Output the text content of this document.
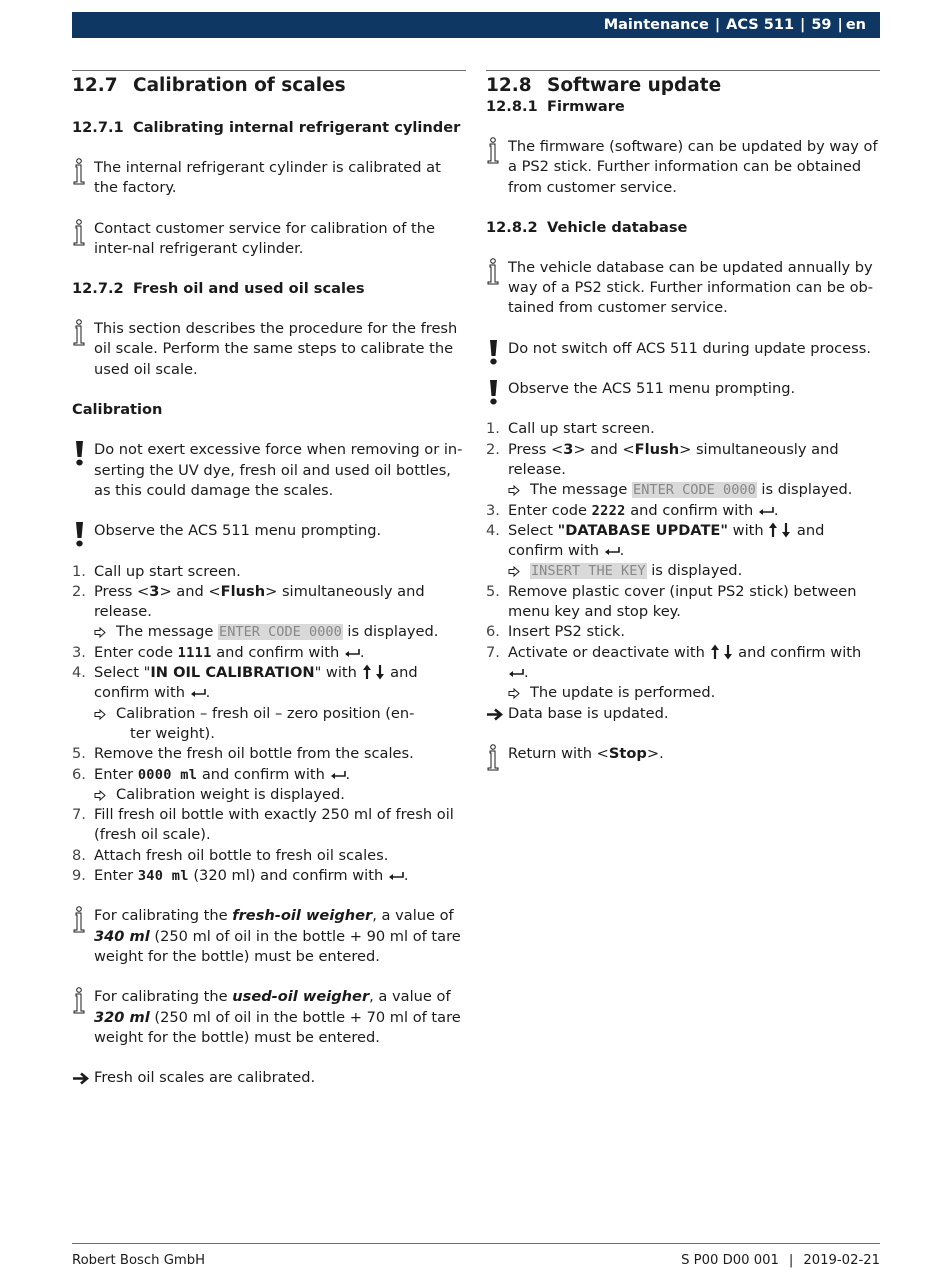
Maintenance | ACS 511 | 59 | en
12.7 Calibration of scales
12.7.1 Calibrating internal refrigerant cylinder
The internal refrigerant cylinder is calibrated at the factory.
Contact customer service for calibration of the inter-nal refrigerant cylinder.
12.7.2 Fresh oil and used oil scales
This section describes the procedure for the fresh oil scale. Perform the same steps to calibrate the used oil scale.
Calibration
Do not exert excessive force when removing or in-serting the UV dye, fresh oil and used oil bottles, as this could damage the scales.
Observe the ACS 511 menu prompting.
1. Call up start screen.
2. Press <3> and <Flush> simultaneously and release.
The message ENTER CODE 0000 is displayed.
3. Enter code 1111 and confirm with .
4. Select "IN OIL CALIBRATION" with  and confirm with .
Calibration – fresh oil – zero position (en-
ter weight).
5. Remove the fresh oil bottle from the scales.
6. Enter 0000 ml and confirm with .
Calibration weight is displayed.
7. Fill fresh oil bottle with exactly 250 ml of fresh oil (fresh oil scale).
8. Attach fresh oil bottle to fresh oil scales.
9. Enter 340 ml (320 ml) and confirm with .
For calibrating the fresh-oil weigher, a value of
340 ml (250 ml of oil in the bottle + 90 ml of tare weight for the bottle) must be entered.
For calibrating the used-oil weigher, a value of
320 ml (250 ml of oil in the bottle + 70 ml of tare weight for the bottle) must be entered.
Fresh oil scales are calibrated.
12.8 Software update
12.8.1 Firmware
The firmware (software) can be updated by way of a PS2 stick. Further information can be obtained from customer service.
12.8.2 Vehicle database
The vehicle database can be updated annually by way of a PS2 stick. Further information can be ob-tained from customer service.
Do not switch off ACS 511 during update process.
Observe the ACS 511 menu prompting.
1. Call up start screen.
2. Press <3> and <Flush> simultaneously and release.
The message ENTER CODE 0000 is displayed.
3. Enter code 2222 and confirm with .
4. Select "DATABASE UPDATE" with  and confirm with .
INSERT THE KEY is displayed.
5. Remove plastic cover (input PS2 stick) between menu key and stop key.
6. Insert PS2 stick.
7. Activate or deactivate with  and confirm with .
The update is performed.
Data base is updated.
Return with <Stop>.
Robert Bosch GmbH	S P00 D00 001 | 2019-02-21
